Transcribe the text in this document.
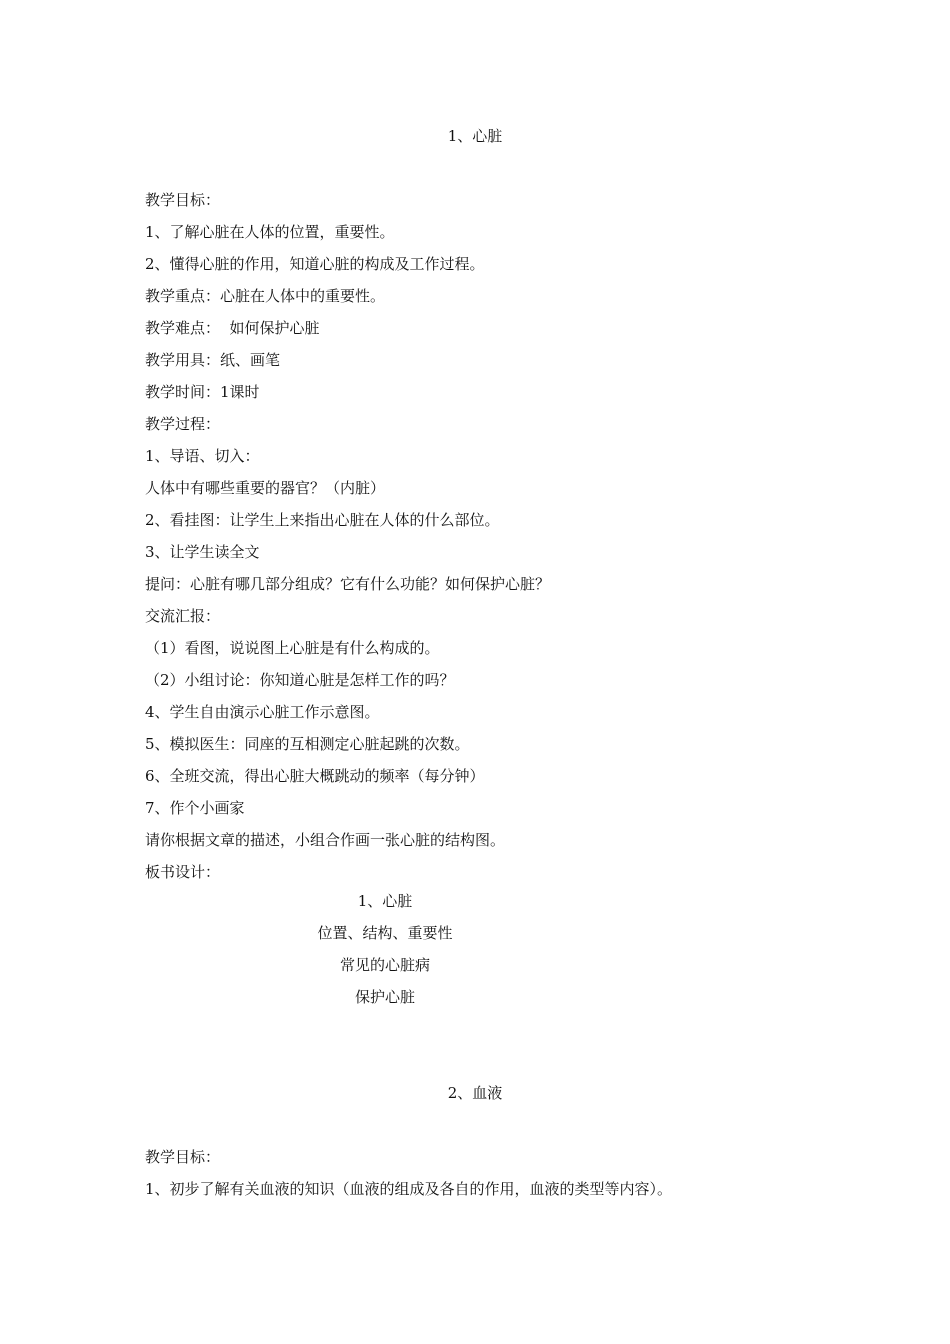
1、心脏
教学目标：
1、了解心脏在人体的位置，重要性。
2、懂得心脏的作用，知道心脏的构成及工作过程。
教学重点：心脏在人体中的重要性。
教学难点：  如何保护心脏
教学用具：纸、画笔
教学时间：1课时
教学过程：
1、导语、切入：
人体中有哪些重要的器官？（内脏）
2、看挂图：让学生上来指出心脏在人体的什么部位。
3、让学生读全文
提问：心脏有哪几部分组成？它有什么功能？如何保护心脏？
交流汇报：
（1）看图，说说图上心脏是有什么构成的。
（2）小组讨论：你知道心脏是怎样工作的吗？
4、学生自由演示心脏工作示意图。
5、模拟医生：同座的互相测定心脏起跳的次数。
6、全班交流，得出心脏大概跳动的频率（每分钟）
7、作个小画家
请你根据文章的描述，小组合作画一张心脏的结构图。
板书设计：
1、心脏
位置、结构、重要性
常见的心脏病
保护心脏
2、血液
教学目标：
1、初步了解有关血液的知识（血液的组成及各自的作用，血液的类型等内容）。
